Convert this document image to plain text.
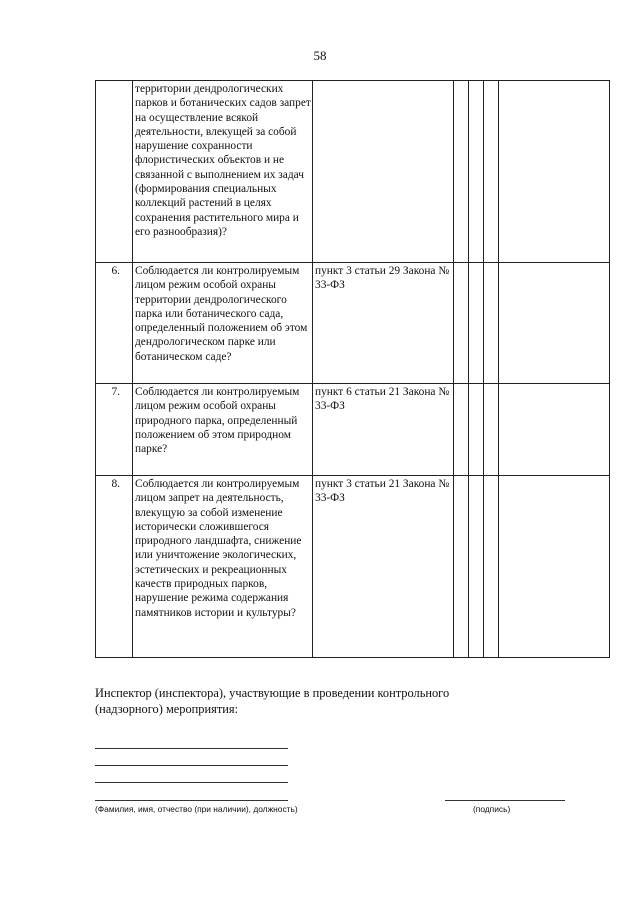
58
	территории дендрологических парков и ботанических садов запрет на осуществление всякой деятельности, влекущей за собой нарушение сохранности флористических объектов и не связанной с выполнением их задач (формирования специальных коллекций растений в целях сохранения растительного мира и его разнообразия)?					
6.	Соблюдается ли контролируемым лицом режим особой охраны территории дендрологического парка или ботанического сада, определенный положением об этом дендрологическом парке или ботаническом саде?	пункт 3 статьи 29 Закона № 33-ФЗ				
7.	Соблюдается ли контролируемым лицом режим особой охраны природного парка, определенный положением об этом природном парке?	пункт 6 статьи 21 Закона № 33-ФЗ				
8.	Соблюдается ли контролируемым лицом запрет на деятельность, влекущую за собой изменение исторически сложившегося природного ландшафта, снижение или уничтожение экологических, эстетических и рекреационных качеств природных парков, нарушение режима содержания памятников истории и культуры?	пункт 3 статьи 21 Закона № 33-ФЗ				
Инспектор (инспектора), участвующие в проведении контрольного (надзорного) мероприятия:
(Фамилия, имя, отчество (при наличии), должность)	(подпись)
